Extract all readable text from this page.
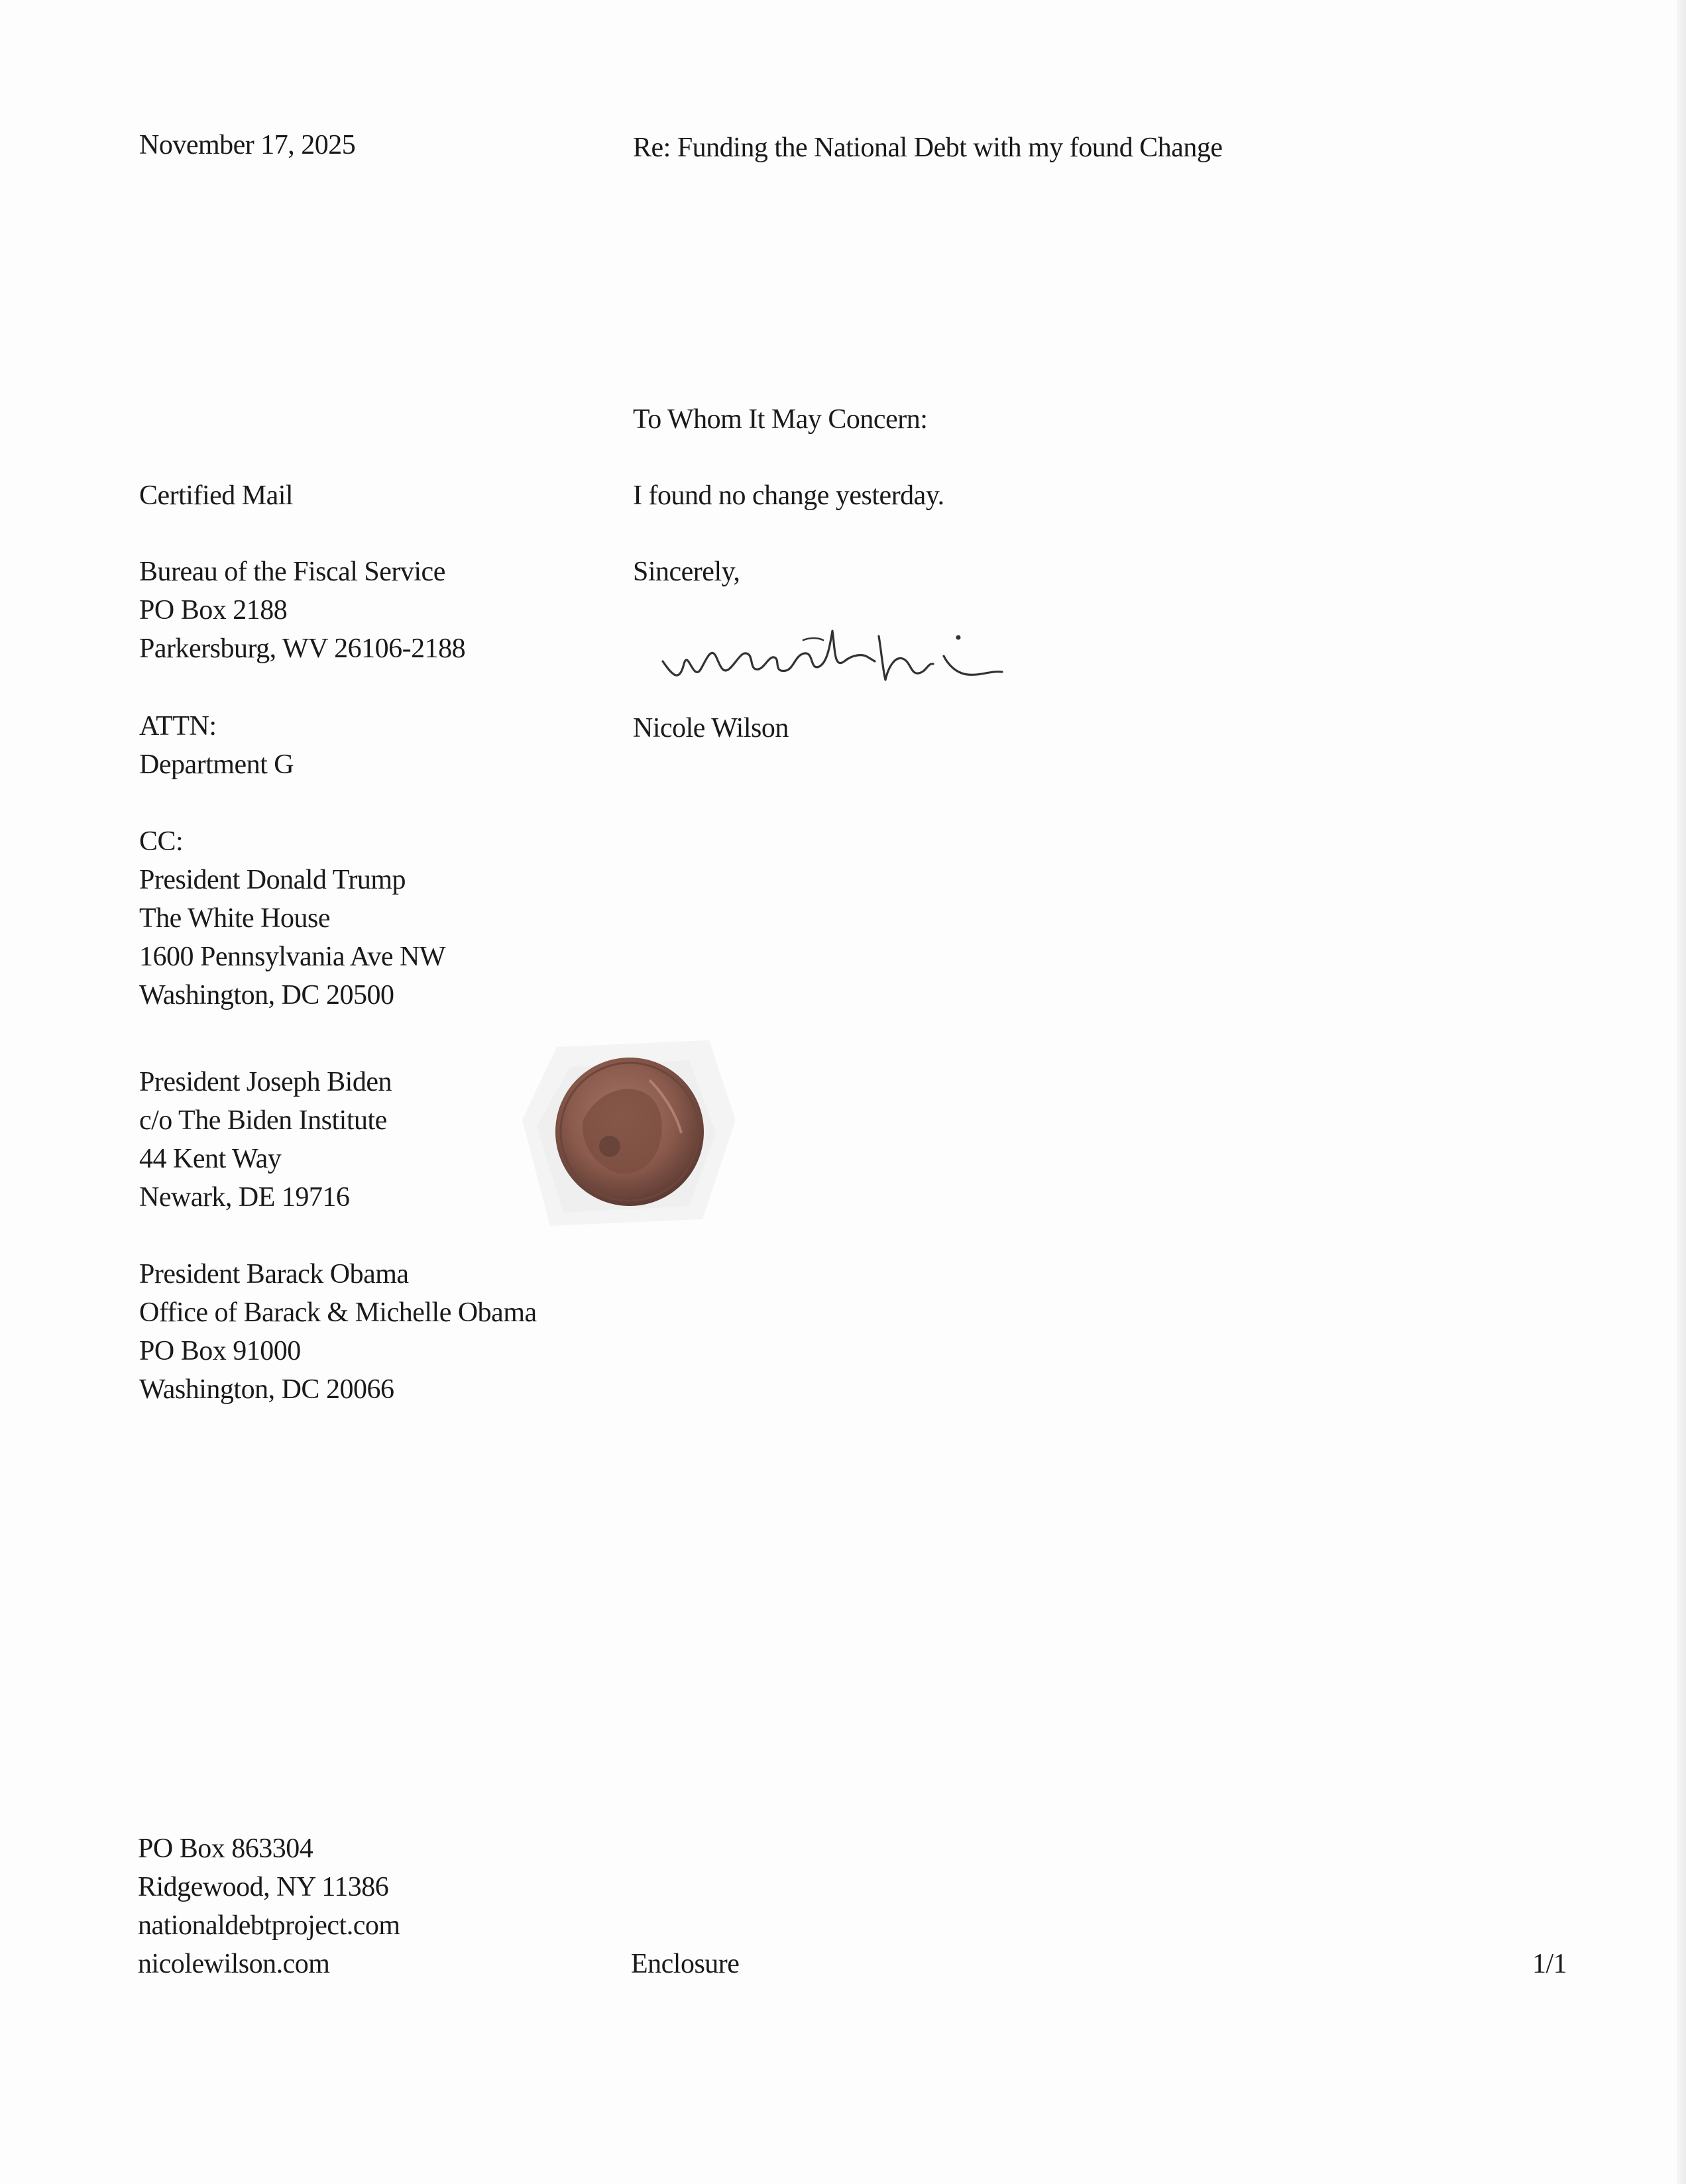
November 17, 2025	Re: Funding the National Debt with my found Change
To Whom It May Concern:
I found no change yesterday.
Sincerely,
Nicole Wilson
Certified Mail
Bureau of the Fiscal Service
PO Box 2188
Parkersburg, WV 26106-2188
ATTN:
Department G
CC:
President Donald Trump
The White House
1600 Pennsylvania Ave NW
Washington, DC 20500
President Joseph Biden
c/o The Biden Institute
44 Kent Way
Newark, DE 19716
President Barack Obama
Office of Barack & Michelle Obama
PO Box 91000
Washington, DC 20066
PO Box 863304
Ridgewood, NY 11386
nationaldebtproject.com
nicolewilson.com	Enclosure	1/1
